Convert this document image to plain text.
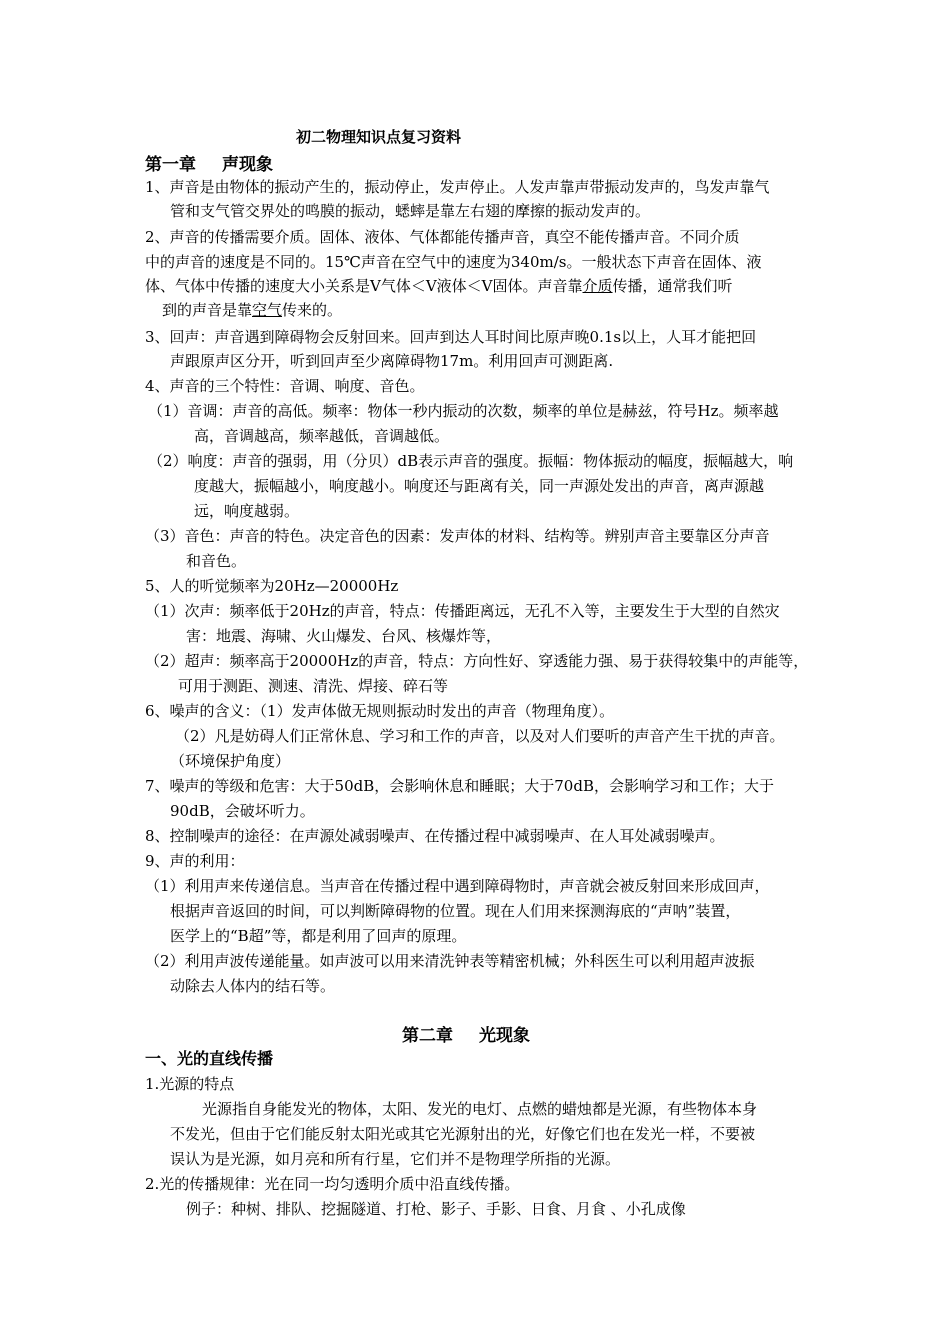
初二物理知识点复习资料
第一章 声现象
1、声音是由物体的振动产生的，振动停止，发声停止。人发声靠声带振动发声的，鸟发声靠气
管和支气管交界处的鸣膜的振动，蟋蟀是靠左右翅的摩擦的振动发声的。
2、声音的传播需要介质。固体、液体、气体都能传播声音，真空不能传播声音。不同介质
中的声音的速度是不同的。15℃声音在空气中的速度为340m/s。一般状态下声音在固体、液
体、气体中传播的速度大小关系是V气体＜V液体＜V固体。声音靠介质传播，通常我们听
到的声音是靠空气传来的。
3、回声：声音遇到障碍物会反射回来。回声到达人耳时间比原声晚0.1s以上，人耳才能把回
声跟原声区分开，听到回声至少离障碍物17m。利用回声可测距离.
4、声音的三个特性：音调、响度、音色。
（1）音调：声音的高低。频率：物体一秒内振动的次数，频率的单位是赫兹，符号Hz。频率越
高，音调越高，频率越低，音调越低。
（2）响度：声音的强弱，用（分贝）dB表示声音的强度。振幅：物体振动的幅度，振幅越大，响
度越大，振幅越小，响度越小。响度还与距离有关，同一声源处发出的声音，离声源越
远，响度越弱。
（3）音色：声音的特色。决定音色的因素：发声体的材料、结构等。辨别声音主要靠区分声音
和音色。
5、人的听觉频率为20Hz—20000Hz
（1）次声：频率低于20Hz的声音，特点：传播距离远，无孔不入等，主要发生于大型的自然灾
害：地震、海啸、火山爆发、台风、核爆炸等，
（2）超声：频率高于20000Hz的声音，特点：方向性好、穿透能力强、易于获得较集中的声能等，
可用于测距、测速、清洗、焊接、碎石等
6、噪声的含义：（1）发声体做无规则振动时发出的声音（物理角度）。
（2）凡是妨碍人们正常休息、学习和工作的声音，以及对人们要听的声音产生干扰的声音。
（环境保护角度）
7、噪声的等级和危害：大于50dB，会影响休息和睡眠；大于70dB，会影响学习和工作；大于
90dB，会破坏听力。
8、控制噪声的途径：在声源处减弱噪声、在传播过程中减弱噪声、在人耳处减弱噪声。
9、声的利用：
（1）利用声来传递信息。当声音在传播过程中遇到障碍物时，声音就会被反射回来形成回声，
根据声音返回的时间，可以判断障碍物的位置。现在人们用来探测海底的“声呐”装置，
医学上的“B超”等，都是利用了回声的原理。
（2）利用声波传递能量。如声波可以用来清洗钟表等精密机械；外科医生可以利用超声波振
动除去人体内的结石等。
第二章 光现象
一、光的直线传播
1.光源的特点
光源指自身能发光的物体，太阳、发光的电灯、点燃的蜡烛都是光源，有些物体本身
不发光，但由于它们能反射太阳光或其它光源射出的光，好像它们也在发光一样，不要被
误认为是光源，如月亮和所有行星，它们并不是物理学所指的光源。
2.光的传播规律：光在同一均匀透明介质中沿直线传播。
例子：种树、排队、挖掘隧道、打枪、影子、手影、日食、月食 、小孔成像
